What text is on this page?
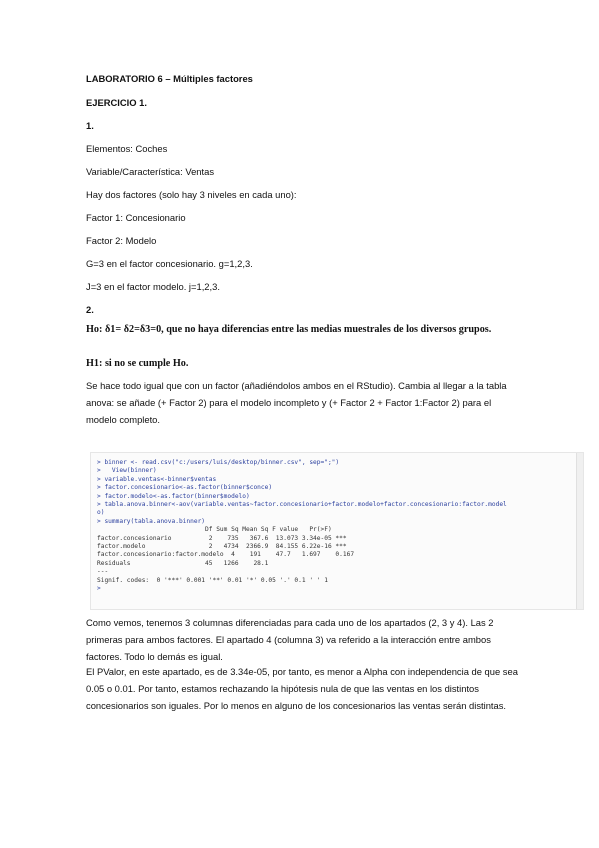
LABORATORIO 6 – Múltiples factores
EJERCICIO 1.
1.
Elementos: Coches
Variable/Característica: Ventas
Hay dos factores (solo hay 3 niveles en cada uno):
Factor 1: Concesionario
Factor 2: Modelo
G=3 en el factor concesionario. g=1,2,3.
J=3 en el factor modelo. j=1,2,3.
2.
Ho: δ1= δ2=δ3=0, que no haya diferencias entre las medias muestrales de los diversos grupos.
H1: si no se cumple Ho.
Se hace todo igual que con un factor (añadiéndolos ambos en el RStudio). Cambia al llegar a la tabla anova: se añade (+ Factor 2) para el modelo incompleto y (+ Factor 2 + Factor 1:Factor 2) para el modelo completo.
> binner <- read.csv("c:/users/luis/desktop/binner.csv", sep=";")
>   View(binner)
> variable.ventas<-binner$ventas
> factor.concesionario<-as.factor(binner$conce)
> factor.modelo<-as.factor(binner$modelo)
> tabla.anova.binner<-aov(variable.ventas~factor.concesionario+factor.modelo+factor.concesionario:factor.model
o)
> summary(tabla.anova.binner)
Df Sum Sq Mean Sq F value   Pr(>F)
factor.concesionario          2    735   367.6  13.073 3.34e-05 ***
factor.modelo                 2   4734  2366.9  84.155 6.22e-16 ***
factor.concesionario:factor.modelo  4    191    47.7   1.697    0.167
Residuals                    45   1266    28.1
---
Signif. codes:  0 '***' 0.001 '**' 0.01 '*' 0.05 '.' 0.1 ' ' 1
>
Como vemos, tenemos 3 columnas diferenciadas para cada uno de los apartados (2, 3 y 4). Las 2 primeras para ambos factores. El apartado 4 (columna 3) va referido a la interacción entre ambos factores. Todo lo demás es igual.
El PValor, en este apartado, es de 3.34e-05, por tanto, es menor a Alpha con independencia de que sea 0.05 o 0.01. Por tanto, estamos rechazando la hipótesis nula de que las ventas en los distintos concesionarios son iguales. Por lo menos en alguno de los concesionarios las ventas serán distintas.
